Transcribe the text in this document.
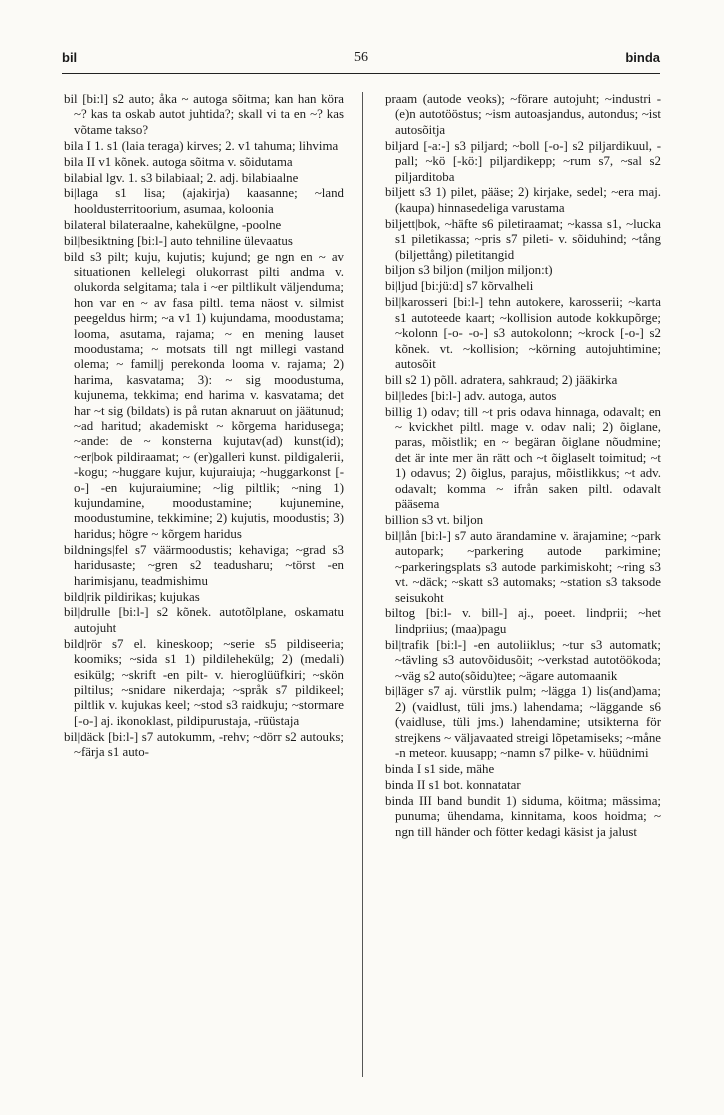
bil	56	binda

bil [bi:l] s2 auto; åka ~ autoga sõitma; kan han köra ~? kas ta oskab autot juhtida?; skall vi ta en ~? kas võtame takso?

bila I 1. s1 (laia teraga) kirves; 2. v1 tahuma; lihvima

bila II v1 kõnek. autoga sõitma v. sõidutama

bilabial lgv. 1. s3 bilabiaal; 2. adj. bilabiaalne

bi|laga s1 lisa; (ajakirja) kaasanne; ~land hooldusterritoorium, asumaa, koloonia

bilateral bilateraalne, kahekülgne, -poolne

bil|besiktning [bi:l-] auto tehniline ülevaatus

bild s3 pilt; kuju, kujutis; kujund; ge ngn en ~ av situationen kellelegi olukorrast pilti andma v. olukorda selgitama; tala i ~er piltlikult väljenduma; hon var en ~ av fasa piltl. tema näost v. silmist peegeldus hirm; ~a v1 1) kujundama, moodustama; looma, asutama, rajama; ~ en mening lauset moodustama; ~ motsats till ngt millegi vastand olema; ~ famil|j perekonda looma v. rajama; 2) harima, kasvatama; 3): ~ sig moodustuma, kujunema, tekkima; end harima v. kasvatama; det har ~t sig (bildats) is på rutan aknaruut on jäätunud; ~ad haritud; akademiskt ~ kõrgema haridusega; ~ande: de ~ konsterna kujutav(ad) kunst(id); ~er|bok pildiraamat; ~ (er)galleri kunst. pildigalerii, -kogu; ~huggare kujur, kujuraiuja; ~huggarkonst [-o-] -en kujuraiumine; ~lig piltlik; ~ning 1) kujundamine, moodustamine; kujunemine, moodustumine, tekkimine; 2) kujutis, moodustis; 3) haridus; högre ~ kõrgem haridus

bildnings|fel s7 väärmoodustis; kehaviga; ~grad s3 haridusaste; ~gren s2 teadusharu; ~törst -en harimisjanu, teadmishimu

bild|rik pildirikas; kujukas

bil|drulle [bi:l-] s2 kõnek. autotõlplane, oskamatu autojuht

bild|rör s7 el. kineskoop; ~serie s5 pildiseeria; koomiks; ~sida s1 1) pildilehekülg; 2) (medali) esikülg; ~skrift -en pilt- v. hieroglüüfkiri; ~skön piltilus; ~snidare nikerdaja; ~språk s7 pildikeel; piltlik v. kujukas keel; ~stod s3 raidkuju; ~stormare [-o-] aj. ikonoklast, pildipurustaja, -rüüstaja

bil|däck [bi:l-] s7 autokumm, -rehv; ~dörr s2 autouks; ~färja s1 auto-

praam (autode veoks); ~förare autojuht; ~industri -(e)n autotööstus; ~ism autoasjandus, autondus; ~ist autosõitja

biljard [-a:-] s3 piljard; ~boll [-o-] s2 piljardikuul, -pall; ~kö [-kö:] piljardikepp; ~rum s7, ~sal s2 piljarditoba

biljett s3 1) pilet, pääse; 2) kirjake, sedel; ~era maj. (kaupa) hinnasedeliga varustama

biljett|bok, ~häfte s6 piletiraamat; ~kassa s1, ~lucka s1 piletikassa; ~pris s7 pileti- v. sõiduhind; ~tång (biljettång) piletitangid

biljon s3 biljon (miljon miljon:t)

bi|ljud [bi:jü:d] s7 kõrvalheli

bil|karosseri [bi:l-] tehn autokere, karosserii; ~karta s1 autoteede kaart; ~kollision autode kokkupõrge; ~kolonn [-o- -o-] s3 autokolonn; ~krock [-o-] s2 kõnek. vt. ~kollision; ~körning autojuhtimine; autosõit

bill s2 1) põll. adratera, sahkraud; 2) jääkirka

bil|ledes [bi:l-] adv. autoga, autos

billig 1) odav; till ~t pris odava hinnaga, odavalt; en ~ kvickhet piltl. mage v. odav nali; 2) õiglane, paras, mõistlik; en ~ begäran õiglane nõudmine; det är inte mer än rätt och ~t õiglaselt toimitud; ~t 1) odavus; 2) õiglus, parajus, mõistlikkus; ~t adv. odavalt; komma ~ ifrån saken piltl. odavalt pääsema

billion s3 vt. biljon

bil|lån [bi:l-] s7 auto ärandamine v. ärajamine; ~park autopark; ~parkering autode parkimine; ~parkeringsplats s3 autode parkimiskoht; ~ring s3 vt. ~däck; ~skatt s3 automaks; ~station s3 taksode seisukoht

biltog [bi:l- v. bill-] aj., poeet. lindprii; ~het lindpriius; (maa)pagu

bil|trafik [bi:l-] -en autoliiklus; ~tur s3 automatk; ~tävling s3 autovõidusõit; ~verkstad autotöökoda; ~väg s2 auto(sõidu)tee; ~ägare automaanik

bi|läger s7 aj. vürstlik pulm; ~lägga 1) lis(and)ama; 2) (vaidlust, tüli jms.) lahendama; ~läggande s6 (vaidluse, tüli jms.) lahendamine; utsikterna för strejkens ~ väljavaated streigi lõpetamiseks; ~måne -n meteor. kuusapp; ~namn s7 pilke- v. hüüdnimi

binda I s1 side, mähe

binda II s1 bot. konnatatar

binda III band bundit 1) siduma, köitma; mässima; punuma; ühendama, kinnitama, koos hoidma; ~ ngn till händer och fötter kedagi käsist ja jalust
